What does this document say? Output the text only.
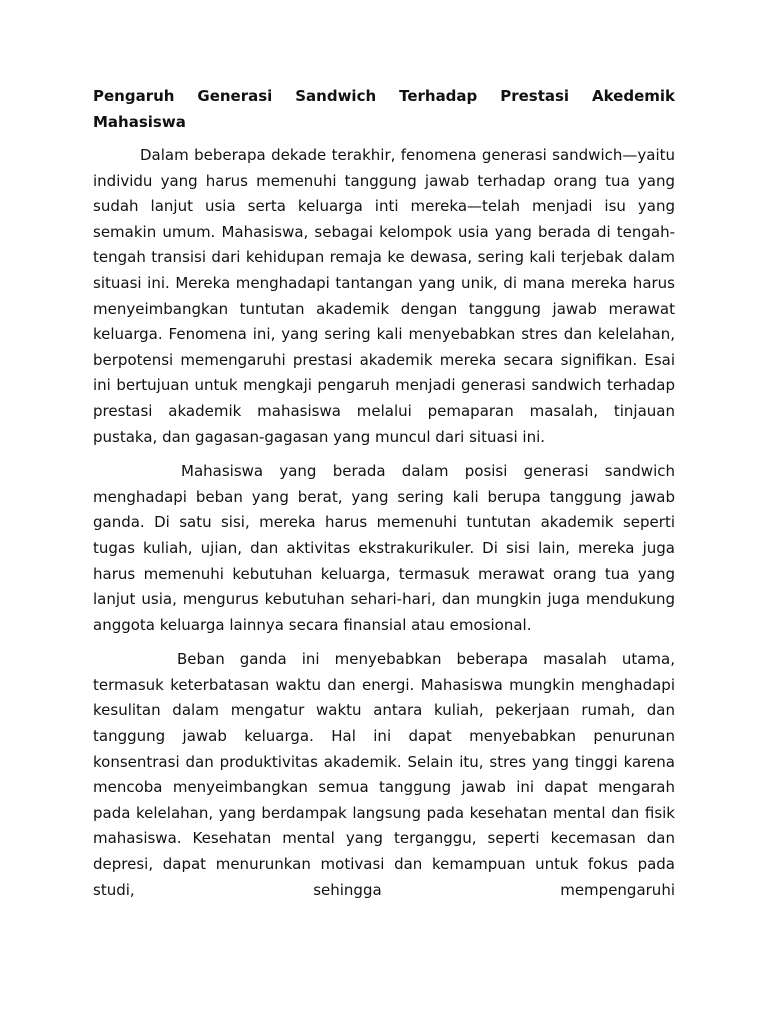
Pengaruh Generasi Sandwich Terhadap Prestasi Akedemik Mahasiswa

Dalam beberapa dekade terakhir, fenomena generasi sandwich—yaitu individu yang harus memenuhi tanggung jawab terhadap orang tua yang sudah lanjut usia serta keluarga inti mereka—telah menjadi isu yang semakin umum. Mahasiswa, sebagai kelompok usia yang berada di tengah-tengah transisi dari kehidupan remaja ke dewasa, sering kali terjebak dalam situasi ini. Mereka menghadapi tantangan yang unik, di mana mereka harus menyeimbangkan tuntutan akademik dengan tanggung jawab merawat keluarga. Fenomena ini, yang sering kali menyebabkan stres dan kelelahan, berpotensi memengaruhi prestasi akademik mereka secara signifikan. Esai ini bertujuan untuk mengkaji pengaruh menjadi generasi sandwich terhadap prestasi akademik mahasiswa melalui pemaparan masalah, tinjauan pustaka, dan gagasan-gagasan yang muncul dari situasi ini.

Mahasiswa yang berada dalam posisi generasi sandwich menghadapi beban yang berat, yang sering kali berupa tanggung jawab ganda. Di satu sisi, mereka harus memenuhi tuntutan akademik seperti tugas kuliah, ujian, dan aktivitas ekstrakurikuler. Di sisi lain, mereka juga harus memenuhi kebutuhan keluarga, termasuk merawat orang tua yang lanjut usia, mengurus kebutuhan sehari-hari, dan mungkin juga mendukung anggota keluarga lainnya secara finansial atau emosional.

Beban ganda ini menyebabkan beberapa masalah utama, termasuk keterbatasan waktu dan energi. Mahasiswa mungkin menghadapi kesulitan dalam mengatur waktu antara kuliah, pekerjaan rumah, dan tanggung jawab keluarga. Hal ini dapat menyebabkan penurunan konsentrasi dan produktivitas akademik. Selain itu, stres yang tinggi karena mencoba menyeimbangkan semua tanggung jawab ini dapat mengarah pada kelelahan, yang berdampak langsung pada kesehatan mental dan fisik mahasiswa. Kesehatan mental yang terganggu, seperti kecemasan dan depresi, dapat menurunkan motivasi dan kemampuan untuk fokus pada studi, sehingga mempengaruhi
